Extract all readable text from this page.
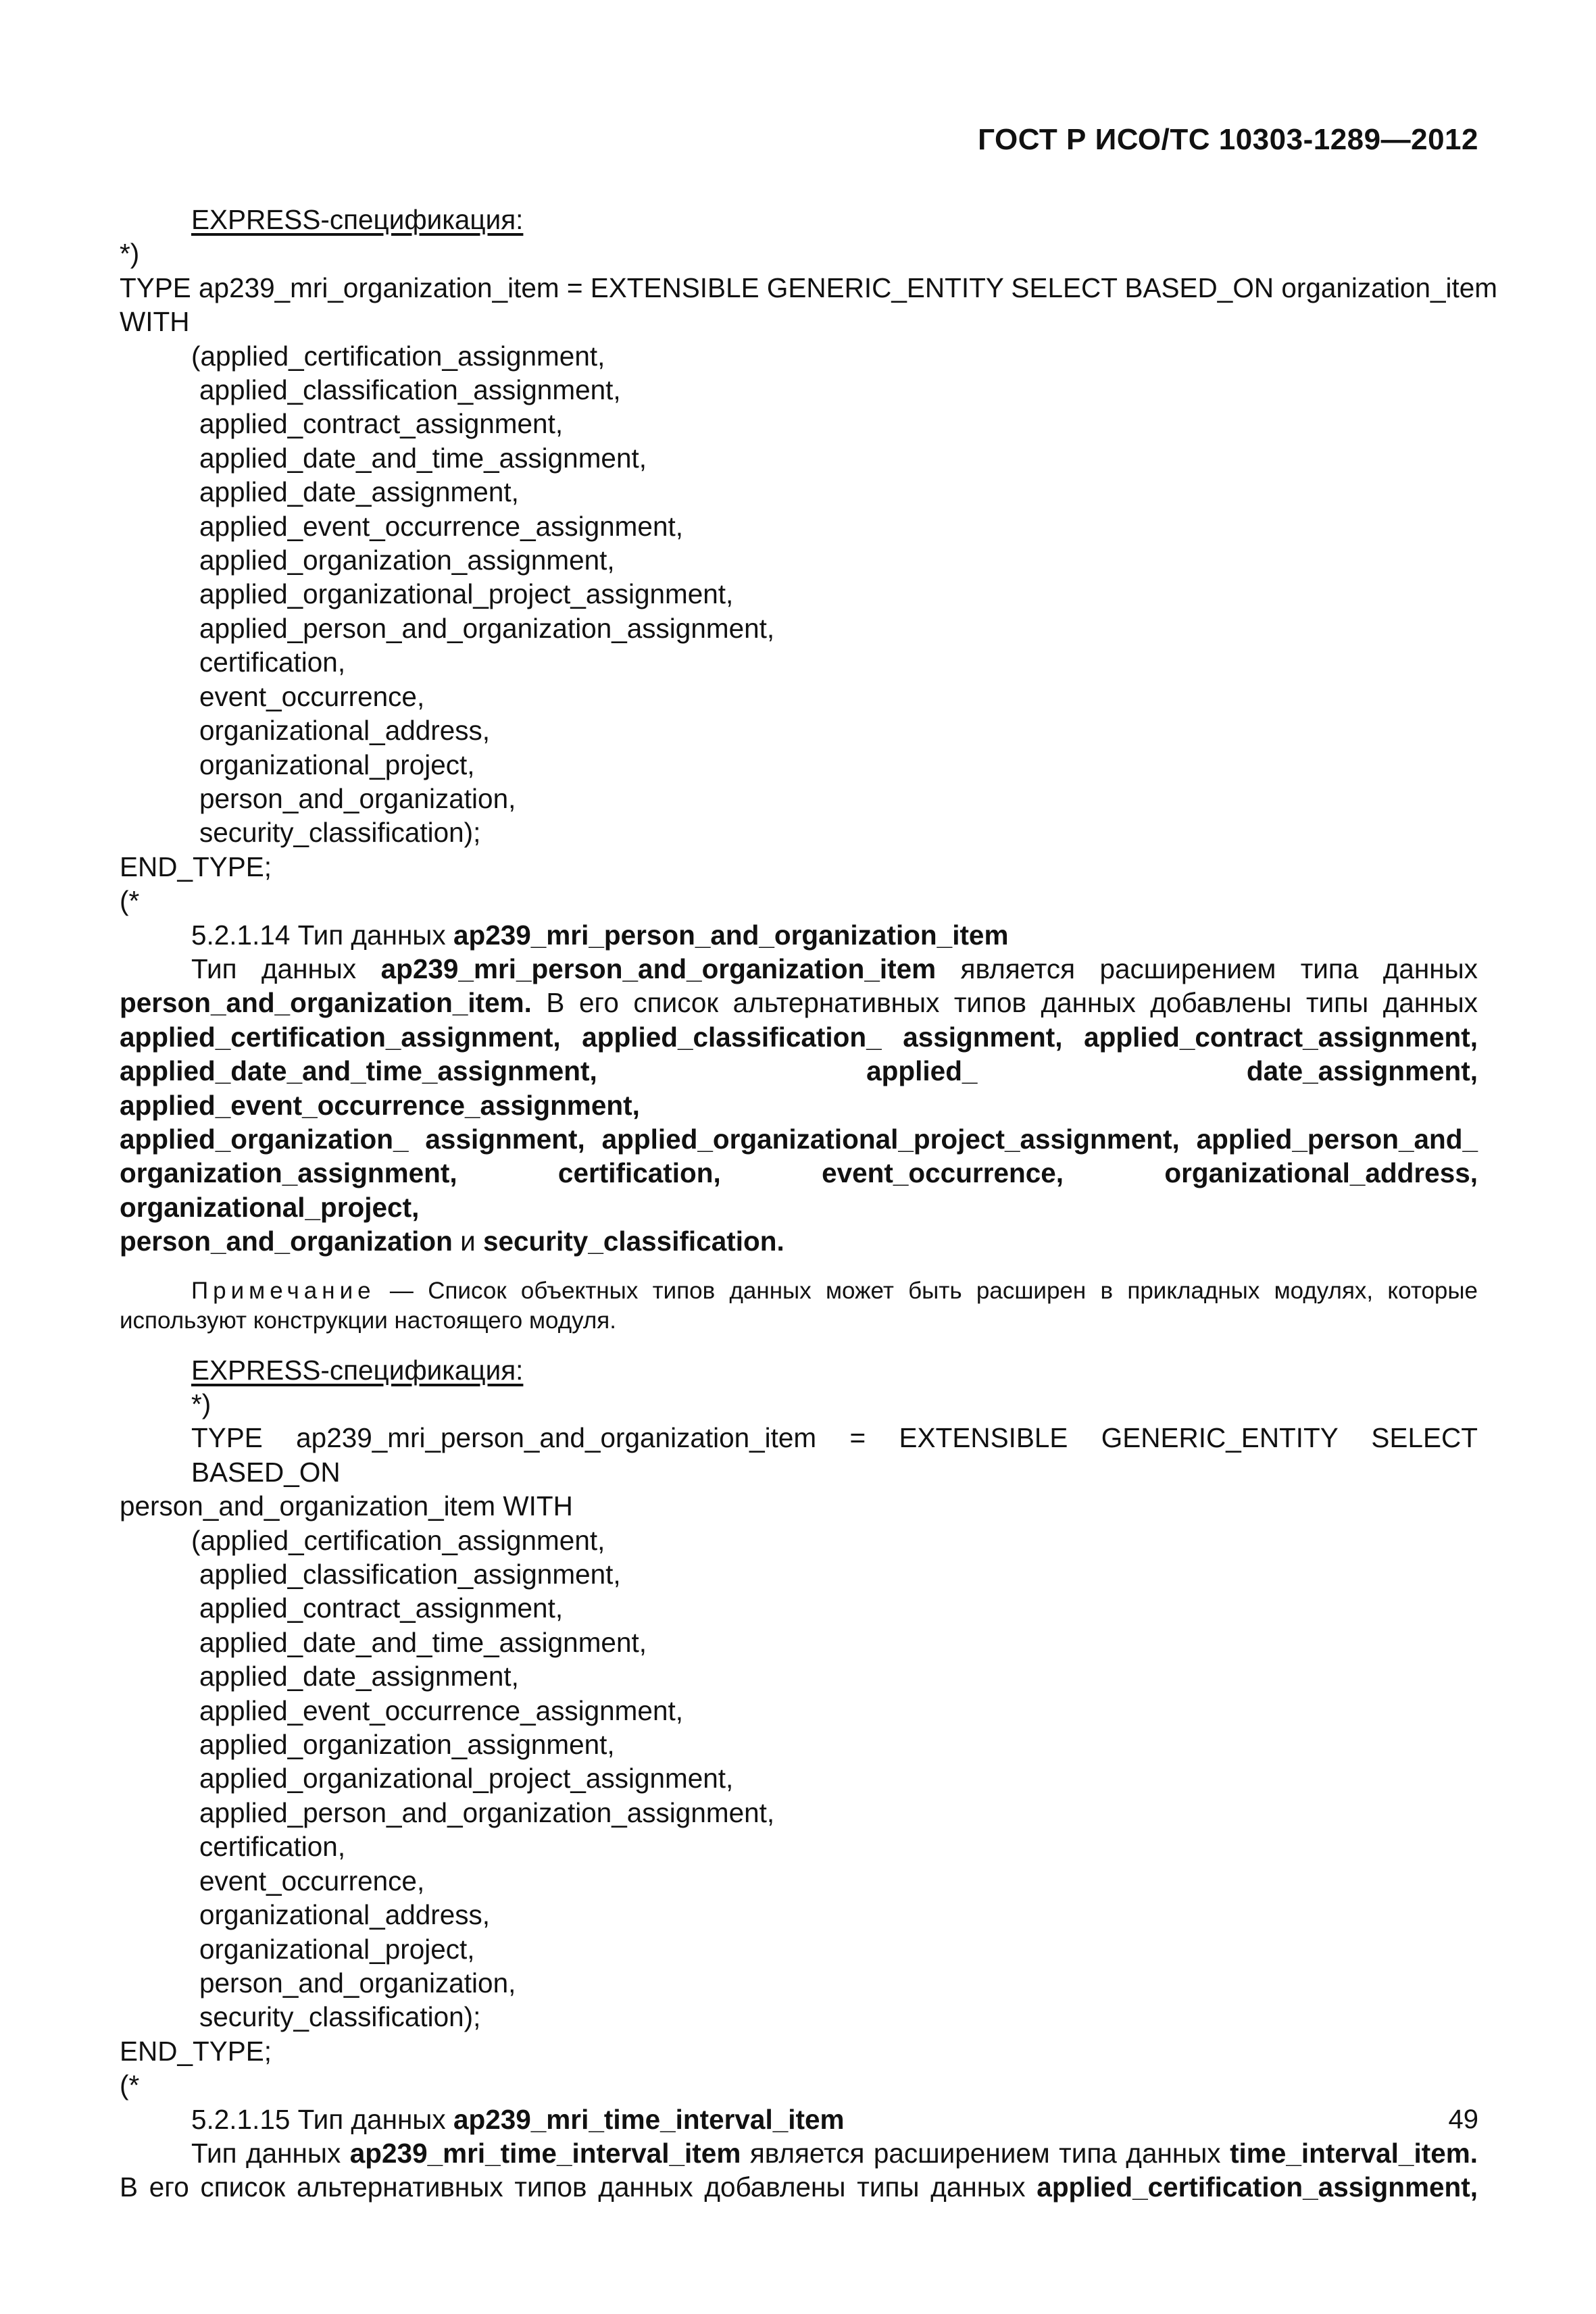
ГОСТ Р ИСО/ТС 10303-1289—2012
EXPRESS-спецификация:
*)
TYPE ap239_mri_organization_item = EXTENSIBLE GENERIC_ENTITY SELECT BASED_ON organization_item
WITH
(applied_certification_assignment,
applied_classification_assignment,
applied_contract_assignment,
applied_date_and_time_assignment,
applied_date_assignment,
applied_event_occurrence_assignment,
applied_organization_assignment,
applied_organizational_project_assignment,
applied_person_and_organization_assignment,
certification,
event_occurrence,
organizational_address,
organizational_project,
person_and_organization,
security_classification);
END_TYPE;
(*
5.2.1.14 Тип данных ap239_mri_person_and_organization_item
Тип данных ap239_mri_person_and_organization_item является расширением типа данных
person_and_organization_item. В его список альтернативных типов данных добавлены типы данных
applied_certification_assignment, applied_classification_ assignment, applied_contract_assignment,
applied_date_and_time_assignment, applied_ date_assignment, applied_event_occurrence_assignment,
applied_organization_ assignment, applied_organizational_project_assignment, applied_person_and_
organization_assignment, certification, event_occurrence, organizational_address, organizational_project,
person_and_organization и security_classification.
Примечание — Список объектных типов данных может быть расширен в прикладных модулях, которые
используют конструкции настоящего модуля.
EXPRESS-спецификация:
*)
TYPE ap239_mri_person_and_organization_item = EXTENSIBLE GENERIC_ENTITY SELECT BASED_ON
person_and_organization_item WITH
(applied_certification_assignment,
applied_classification_assignment,
applied_contract_assignment,
applied_date_and_time_assignment,
applied_date_assignment,
applied_event_occurrence_assignment,
applied_organization_assignment,
applied_organizational_project_assignment,
applied_person_and_organization_assignment,
certification,
event_occurrence,
organizational_address,
organizational_project,
person_and_organization,
security_classification);
END_TYPE;
(*
5.2.1.15 Тип данных ap239_mri_time_interval_item
Тип данных ap239_mri_time_interval_item является расширением типа данных time_interval_item.
В его список альтернативных типов данных добавлены типы данных applied_certification_assignment,
49
